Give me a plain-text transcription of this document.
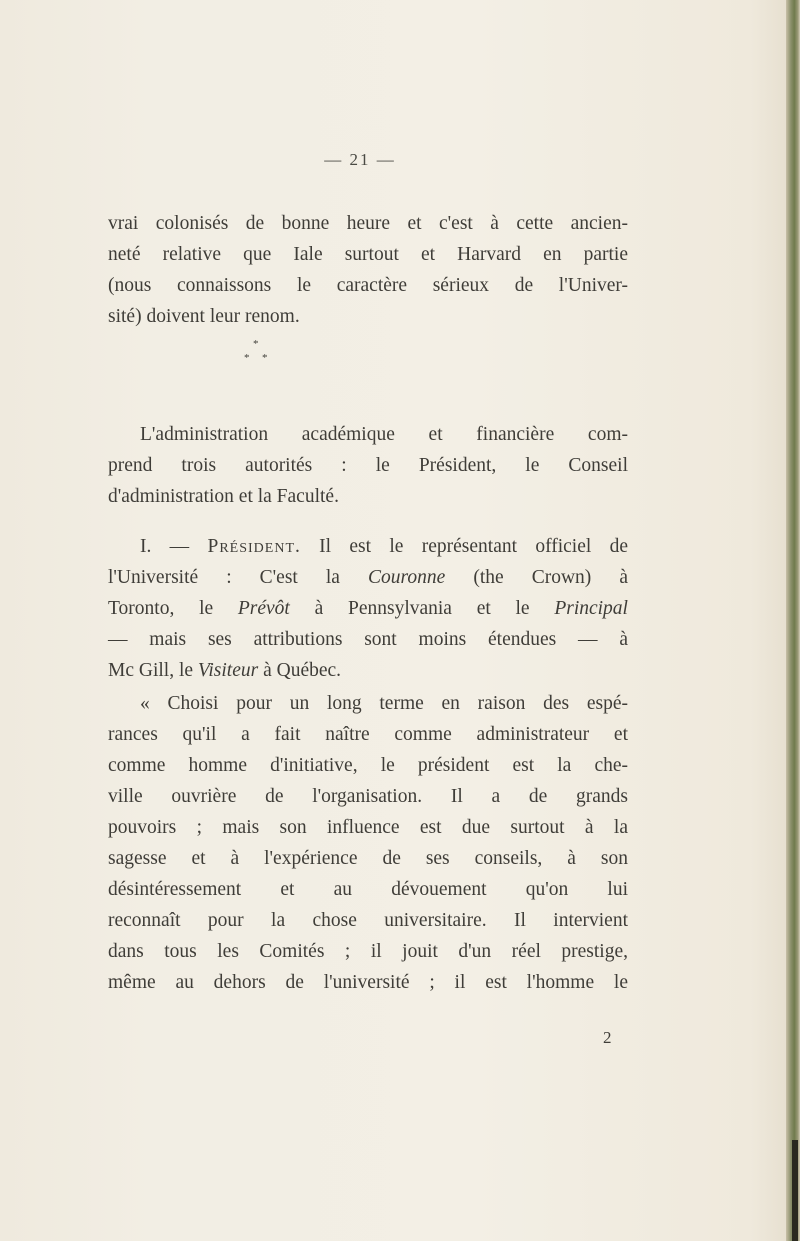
— 21 —
vrai colonisés de bonne heure et c'est à cette ancien-
neté relative que Iale surtout et Harvard en partie
(nous connaissons le caractère sérieux de l'Univer-
sité) doivent leur renom.
*
* *
L'administration académique et financière com-
prend trois autorités : le Président, le Conseil
d'administration et la Faculté.
I. — Président. Il est le représentant officiel de
l'Université : C'est la Couronne (the Crown) à
Toronto, le Prévôt à Pennsylvania et le Principal
— mais ses attributions sont moins étendues — à
Mc Gill, le Visiteur à Québec.
« Choisi pour un long terme en raison des espé-
rances qu'il a fait naître comme administrateur et
comme homme d'initiative, le président est la che-
ville ouvrière de l'organisation. Il a de grands
pouvoirs ; mais son influence est due surtout à la
sagesse et à l'expérience de ses conseils, à son
désintéressement et au dévouement qu'on lui
reconnaît pour la chose universitaire. Il intervient
dans tous les Comités ; il jouit d'un réel prestige,
même au dehors de l'université ; il est l'homme le
2
